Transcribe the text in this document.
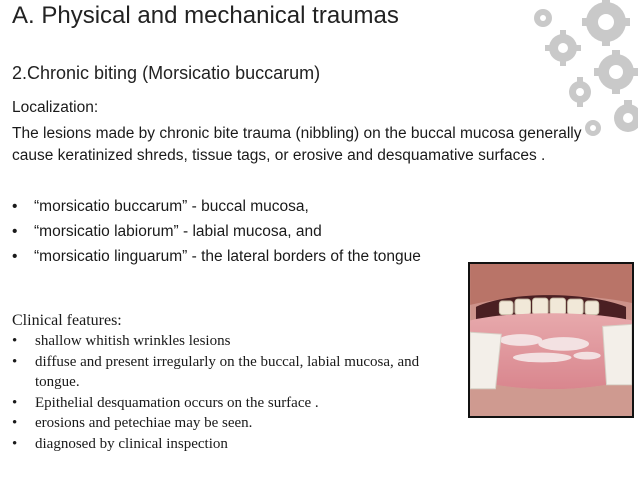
A. Physical and mechanical traumas
2.Chronic biting (Morsicatio buccarum)
Localization:
The lesions made by chronic bite trauma (nibbling) on the buccal mucosa generally cause keratinized shreds, tissue tags, or erosive and desquamative surfaces .
• “morsicatio buccarum” - buccal mucosa,
• “morsicatio labiorum” - labial mucosa, and
• “morsicatio linguarum” - the lateral borders of the tongue
Clinical features:
• shallow whitish wrinkles lesions
• diffuse and present irregularly on the buccal, labial mucosa, and tongue.
• Epithelial desquamation occurs on the surface .
• erosions and petechiae may be seen.
• diagnosed by clinical inspection
